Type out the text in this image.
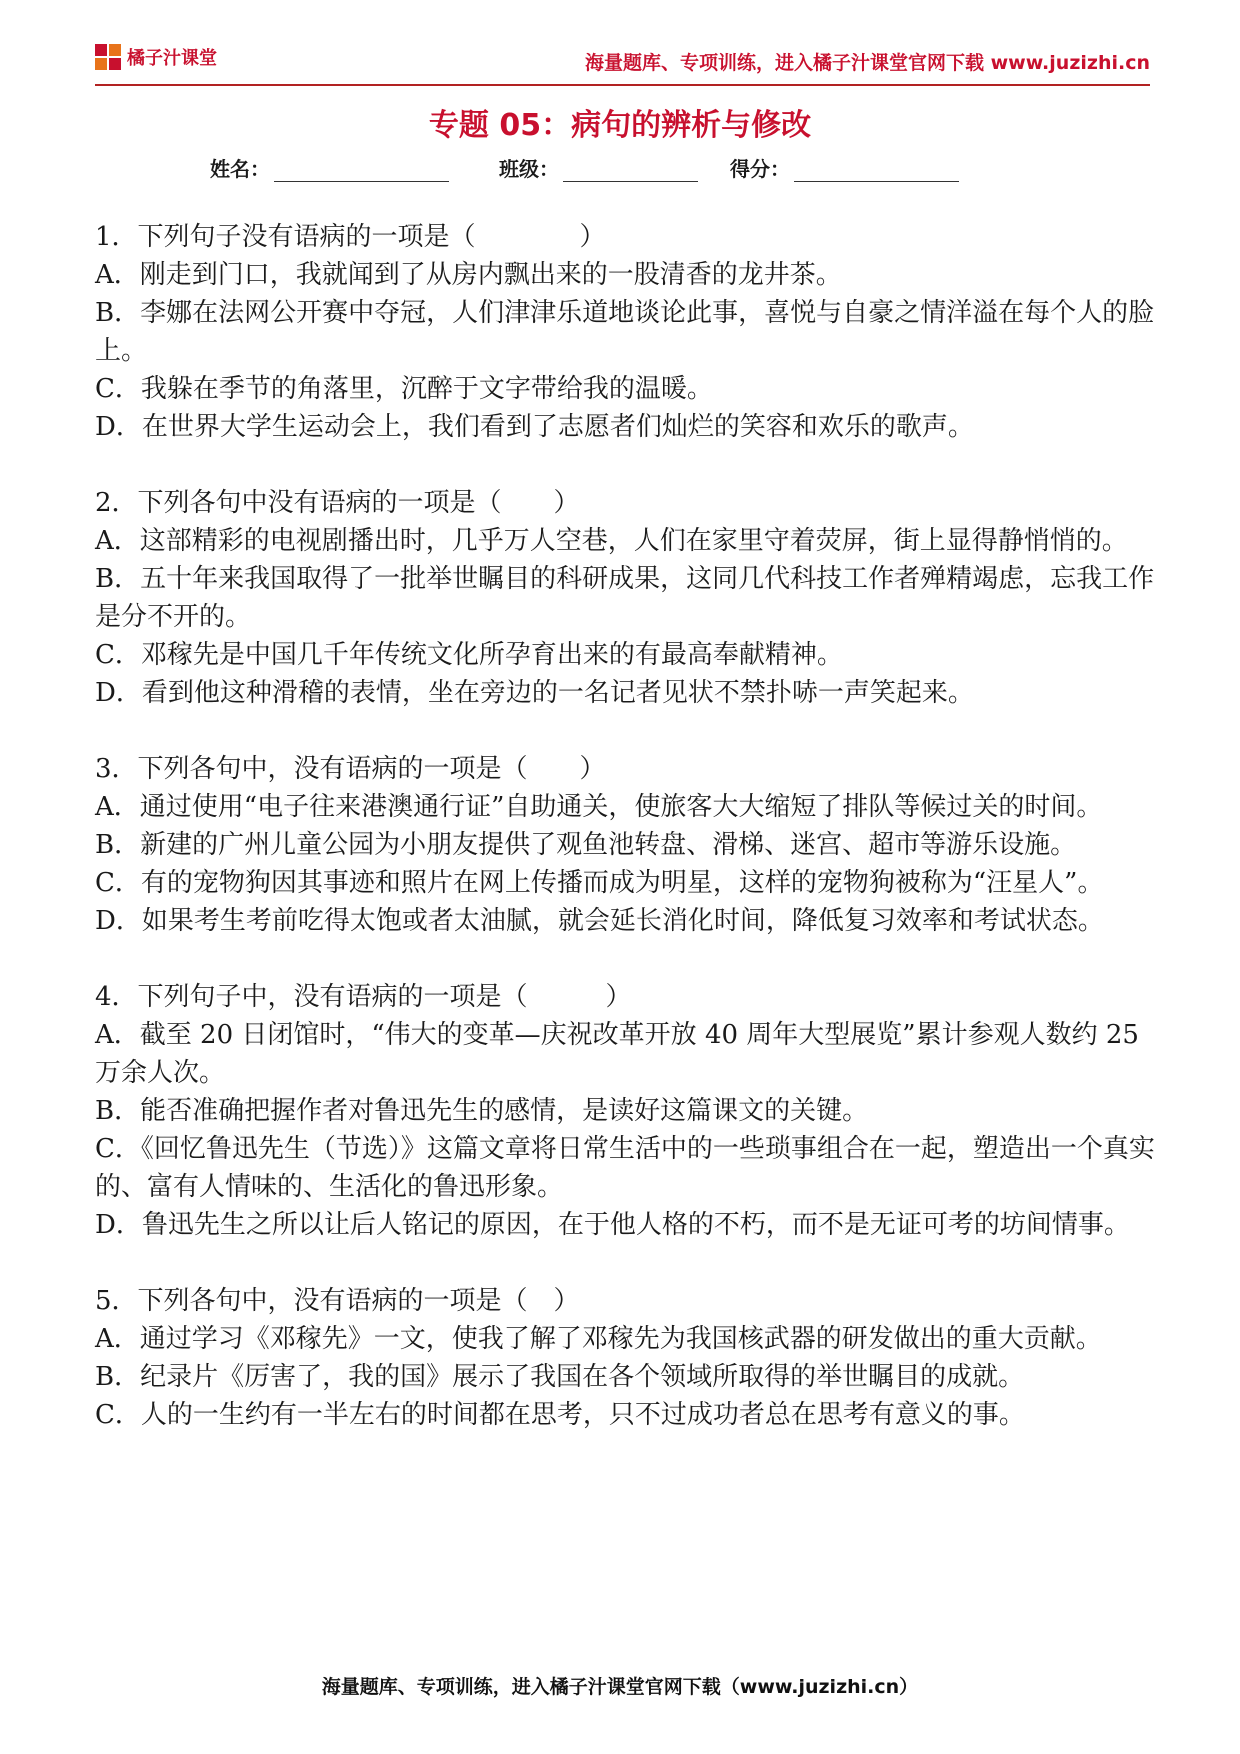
橘子汁课堂	海量题库、专项训练，进入橘子汁课堂官网下载 www.juzizhi.cn
专题 05：病句的辨析与修改
姓名：	班级：	得分：

1．下列句子没有语病的一项是（　　　　）

A．刚走到门口，我就闻到了从房内飘出来的一股清香的龙井茶。

B．李娜在法网公开赛中夺冠，人们津津乐道地谈论此事，喜悦与自豪之情洋溢在每个人的脸上。

C．我躲在季节的角落里，沉醉于文字带给我的温暖。

D．在世界大学生运动会上，我们看到了志愿者们灿烂的笑容和欢乐的歌声。

2．下列各句中没有语病的一项是（　　）

A．这部精彩的电视剧播出时，几乎万人空巷，人们在家里守着荧屏，街上显得静悄悄的。

B．五十年来我国取得了一批举世瞩目的科研成果，这同几代科技工作者殚精竭虑，忘我工作是分不开的。

C．邓稼先是中国几千年传统文化所孕育出来的有最高奉献精神。

D．看到他这种滑稽的表情，坐在旁边的一名记者见状不禁扑哧一声笑起来。

3．下列各句中，没有语病的一项是（　　）

A．通过使用“电子往来港澳通行证”自助通关，使旅客大大缩短了排队等候过关的时间。

B．新建的广州儿童公园为小朋友提供了观鱼池转盘、滑梯、迷宫、超市等游乐设施。

C．有的宠物狗因其事迹和照片在网上传播而成为明星，这样的宠物狗被称为“汪星人”。

D．如果考生考前吃得太饱或者太油腻，就会延长消化时间，降低复习效率和考试状态。

4．下列句子中，没有语病的一项是（　　　）

A．截至 20 日闭馆时，“伟大的变革—庆祝改革开放 40 周年大型展览”累计参观人数约 25 万余人次。

B．能否准确把握作者对鲁迅先生的感情，是读好这篇课文的关键。

C．《回忆鲁迅先生（节选）》这篇文章将日常生活中的一些琐事组合在一起，塑造出一个真实的、富有人情味的、生活化的鲁迅形象。

D．鲁迅先生之所以让后人铭记的原因，在于他人格的不朽，而不是无证可考的坊间情事。

5．下列各句中，没有语病的一项是（　）

A．通过学习《邓稼先》一文，使我了解了邓稼先为我国核武器的研发做出的重大贡献。

B．纪录片《厉害了，我的国》展示了我国在各个领域所取得的举世瞩目的成就。

C．人的一生约有一半左右的时间都在思考，只不过成功者总在思考有意义的事。

海量题库、专项训练，进入橘子汁课堂官网下载（www.juzizhi.cn）
